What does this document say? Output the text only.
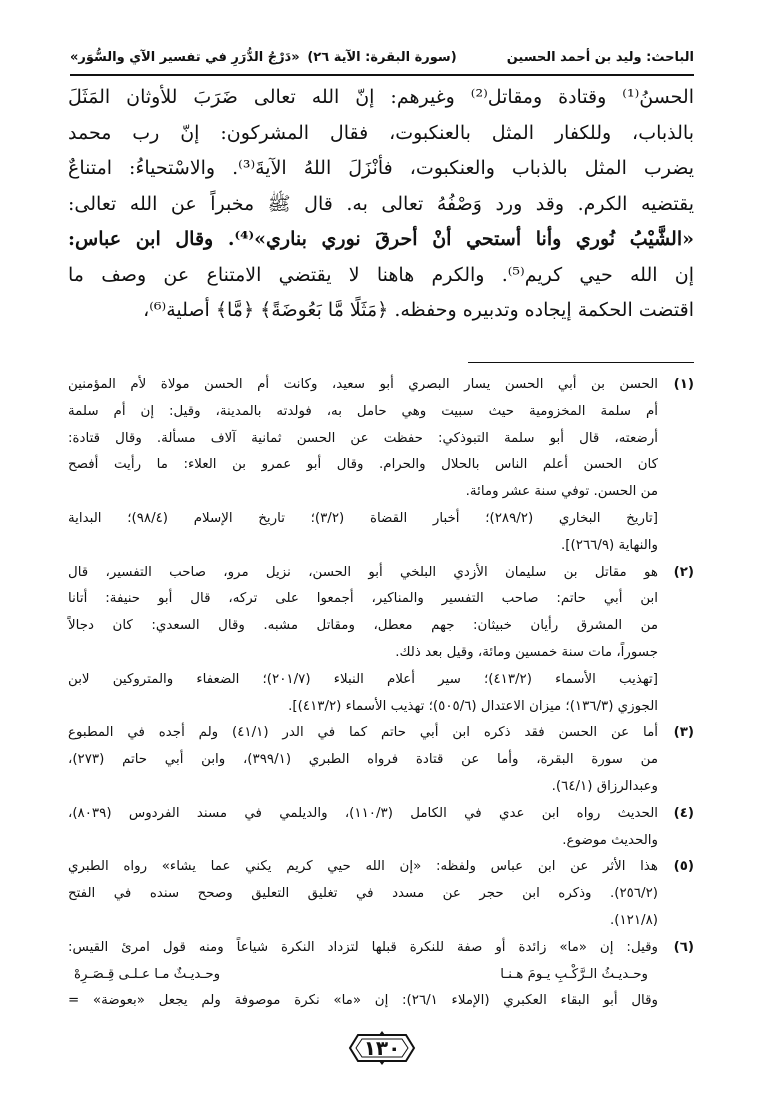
الباحث: وليد بن أحمد الحسين
(سورة البقرة: الآية ٢٦)
«دَرْجُ الدُّرَرِ في تفسير الآي والسُّوَر»

الحسنُ⁽¹⁾ وقتادة ومقاتل⁽²⁾ وغيرهم: إنّ الله تعالى ضَرَبَ للأوثان المَثَلَ

بالذباب، وللكفار المثل بالعنكبوت، فقال المشركون: إنّ رب محمد

يضرب المثل بالذباب والعنكبوت، فأنْزَلَ اللهُ الآيةَ⁽³⁾. والاسْتحياءُ: امتناعٌ

يقتضيه الكرم. وقد ورد وَصْفُهُ تعالى به. قال ﷺ مخبراً عن الله تعالى:

«الشَّيْبُ نُوري وأنا أستحي أنْ أحرقَ نوري بناري»⁽⁴⁾. وقال ابن عباس:

إن الله حيي كريم⁽⁵⁾. والكرم هاهنا لا يقتضي الامتناع عن وصف ما

اقتضت الحكمة إيجاده وتدبيره وحفظه. ﴿مَثَلًا مَّا بَعُوضَةً﴾ ﴿مَّا﴾ أصلية⁽⁶⁾،

(١)
الحسن بن أبي الحسن يسار البصري أبو سعيد، وكانت أم الحسن مولاة لأم المؤمنين
أم سلمة المخزومية حيث سبيت وهي حامل به، فولدته بالمدينة، وقيل: إن أم سلمة
أرضعته، قال أبو سلمة التبوذكي: حفظت عن الحسن ثمانية آلاف مسألة. وقال قتادة:
كان الحسن أعلم الناس بالحلال والحرام. وقال أبو عمرو بن العلاء: ما رأيت أفصح
من الحسن. توفي سنة عشر ومائة.
[تاريخ البخاري (٢٨٩/٢)؛ أخبار القضاة (٣/٢)؛ تاريخ الإسلام (٩٨/٤)؛ البداية
والنهاية (٢٦٦/٩)].
(٢)
هو مقاتل بن سليمان الأزدي البلخي أبو الحسن، نزيل مرو، صاحب التفسير، قال
ابن أبي حاتم: صاحب التفسير والمناكير، أجمعوا على تركه، قال أبو حنيفة: أتانا
من المشرق رأيان خبيثان: جهم معطل، ومقاتل مشبه. وقال السعدي: كان دجالاً
جسوراً، مات سنة خمسين ومائة، وقيل بعد ذلك.
[تهذيب الأسماء (٤١٣/٢)؛ سير أعلام النبلاء (٢٠١/٧)؛ الضعفاء والمتروكين لابن
الجوزي (١٣٦/٣)؛ ميزان الاعتدال (٥٠٥/٦)؛ تهذيب الأسماء (٤١٣/٢)].
(٣)
أما عن الحسن فقد ذكره ابن أبي حاتم كما في الدر (٤١/١) ولم أجده في المطبوع
من سورة البقرة، وأما عن قتادة فرواه الطبري (٣٩٩/١)، وابن أبي حاتم (٢٧٣)،
وعبدالرزاق (٦٤/١).
(٤)
الحديث رواه ابن عدي في الكامل (١١٠/٣)، والديلمي في مسند الفردوس (٨٠٣٩)،
والحديث موضوع.
(٥)
هذا الأثر عن ابن عباس ولفظه: «إن الله حيي كريم يكني عما يشاء» رواه الطبري
(٢٥٦/٢). وذكره ابن حجر عن مسدد في تغليق التعليق وصحح سنده في الفتح
(١٢١/٨).
(٦)
وقيل: إن «ما» زائدة أو صفة للنكرة قبلها لتزداد النكرة شياعاً ومنه قول امرئ القيس:
وحـديـثُ الـرَّكْـبِ يـومَ هـنـا
وحـديـثٌ مـا عـلـى قِـصَـرِهْ
وقال أبو البقاء العكبري (الإملاء ٢٦/١): إن «ما» نكرة موصوفة ولم يجعل «بعوضة» =
١٣٠
